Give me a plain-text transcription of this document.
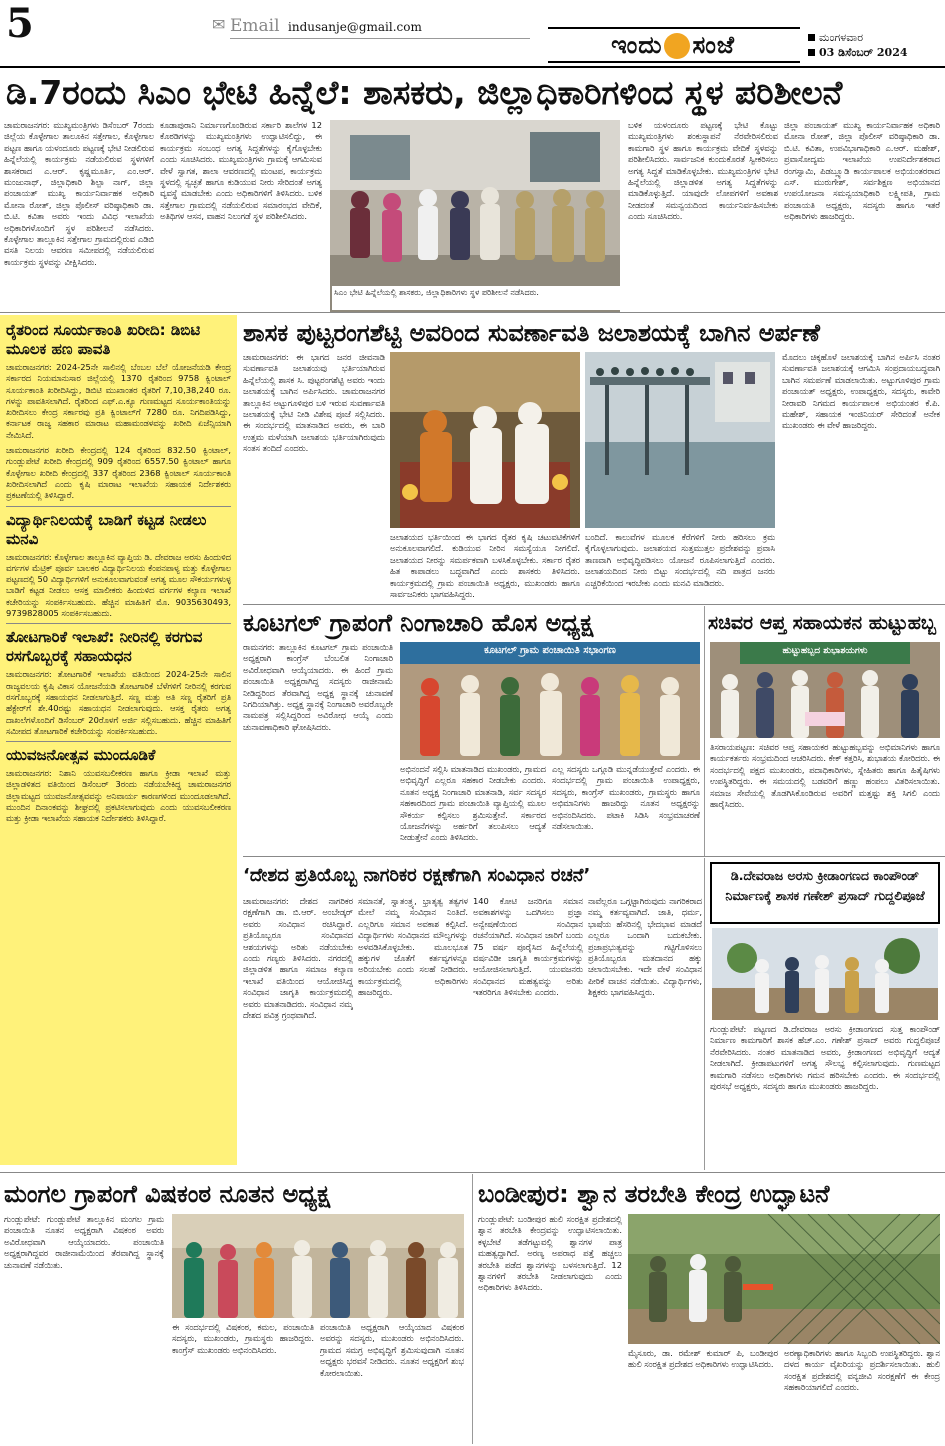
5	✉ Email indusanje@gmail.com
ಇಂದು ಸಂಜೆ	ಮಂಗಳವಾರ
03 ಡಿಸೆಂಬರ್ 2024
ಡಿ.7ರಂದು ಸಿಎಂ ಭೇಟಿ ಹಿನ್ನೆಲೆ: ಶಾಸಕರು, ಜಿಲ್ಲಾಧಿಕಾರಿಗಳಿಂದ ಸ್ಥಳ ಪರಿಶೀಲನೆ
ಚಾಮರಾಜನಗರ: ಮುಖ್ಯಮಂತ್ರಿಗಳು ಡಿಸೆಂಬರ್ 7ರಂದು ಜಿಲ್ಲೆಯ ಕೊಳ್ಳೇಗಾಲ ತಾಲೂಕಿನ ಸತ್ತೇಗಾಲ, ಕೊಳ್ಳೇಗಾಲ ಪಟ್ಟಣ ಹಾಗೂ ಯಳಂದೂರು ಪಟ್ಟಣಕ್ಕೆ ಭೇಟಿ ನೀಡಲಿರುವ ಹಿನ್ನೆಲೆಯಲ್ಲಿ ಕಾರ್ಯಕ್ರಮ ನಡೆಯಲಿರುವ ಸ್ಥಳಗಳಿಗೆ ಶಾಸಕರಾದ ಎ.ಆರ್. ಕೃಷ್ಣಮೂರ್ತಿ, ಎಂ.ಆರ್. ಮಂಜುನಾಥ್, ಜಿಲ್ಲಾಧಿಕಾರಿ ಶಿಲ್ಪಾ ನಾಗ್, ಜಿಲ್ಲಾ ಪಂಚಾಯತ್ ಮುಖ್ಯ ಕಾರ್ಯನಿರ್ವಾಹಕ ಅಧಿಕಾರಿ ಮೋನಾ ರೋತ್, ಜಿಲ್ಲಾ ಪೊಲೀಸ್ ವರಿಷ್ಠಾಧಿಕಾರಿ ಡಾ. ಬಿ.ಟಿ. ಕವಿತಾ ಅವರು ಇಂದು ವಿವಿಧ ಇಲಾಖೆಯ ಅಧಿಕಾರಿಗಳೊಂದಿಗೆ ಸ್ಥಳ ಪರಿಶೀಲನೆ ನಡೆಸಿದರು. ಕೊಳ್ಳೇಗಾಲ ತಾಲ್ಲೂಕಿನ ಸತ್ತೇಗಾಲ ಗ್ರಾಮದಲ್ಲಿರುವ ಎಡಿಬಿ ವಸತಿ ನಿಲಯ ಆವರಣ ಸಮೀಪದಲ್ಲಿ ನಡೆಯಲಿರುವ ಕಾರ್ಯಕ್ರಮ ಸ್ಥಳವನ್ನು ವೀಕ್ಷಿಸಿದರು.
ಕೂಡಾಪುರಾನಿ ನಿರ್ಮಾಣಗೊಂಡಿರುವ ಸರ್ಕಾರಿ ಶಾಲೆಗಳ 12 ಕೊಠಡಿಗಳನ್ನು ಮುಖ್ಯಮಂತ್ರಿಗಳು ಉದ್ಘಾಟಿಸಲಿದ್ದು, ಈ ಕಾರ್ಯಕ್ರಮ ಸಂಬಂಧ ಅಗತ್ಯ ಸಿದ್ದತೆಗಳನ್ನು ಕೈಗೊಳ್ಳಬೇಕು ಎಂದು ಸೂಚಿಸಿದರು. ಮುಖ್ಯಮಂತ್ರಿಗಳು ಗ್ರಾಮಕ್ಕೆ ಆಗಮಿಸುವ ವೇಳೆ ಸ್ವಾಗತ, ಶಾಲಾ ಆವರಣದಲ್ಲಿ ಮಂಟಪ, ಕಾರ್ಯಕ್ರಮ ಸ್ಥಳದಲ್ಲಿ ಸ್ವಚ್ಛತೆ ಹಾಗೂ ಕುಡಿಯುವ ನೀರು ಸೇರಿದಂತೆ ಅಗತ್ಯ ವ್ಯವಸ್ಥೆ ಮಾಡಬೇಕು ಎಂದು ಅಧಿಕಾರಿಗಳಿಗೆ ತಿಳಿಸಿದರು. ಬಳಿಕ ಸತ್ತೇಗಾಲ ಗ್ರಾಮದಲ್ಲಿ ನಡೆಯಲಿರುವ ಸಮಾರಂಭದ ವೇದಿಕೆ, ಅತಿಥಿಗಳ ಆಸನ, ವಾಹನ ನಿಲುಗಡೆ ಸ್ಥಳ ಪರಿಶೀಲಿಸಿದರು.
ಬಳಿಕ ಯಳಂದೂರು ಪಟ್ಟಣಕ್ಕೆ ಭೇಟಿ ಕೊಟ್ಟು ಮುಖ್ಯಮಂತ್ರಿಗಳು ಶಂಕುಸ್ಥಾಪನೆ ನೆರವೇರಿಸಲಿರುವ ಕಾಮಗಾರಿ ಸ್ಥಳ ಹಾಗೂ ಕಾರ್ಯಕ್ರಮ ವೇದಿಕೆ ಸ್ಥಳವನ್ನು ಪರಿಶೀಲಿಸಿದರು. ಸಾರ್ವಜನಿಕ ಕುಂದುಕೊರತೆ ಸ್ವೀಕರಿಸಲು ಅಗತ್ಯ ಸಿದ್ದತೆ ಮಾಡಿಕೊಳ್ಳಬೇಕು. ಮುಖ್ಯಮಂತ್ರಿಗಳ ಭೇಟಿ ಹಿನ್ನೆಲೆಯಲ್ಲಿ ಜಿಲ್ಲಾಡಳಿತ ಅಗತ್ಯ ಸಿದ್ದತೆಗಳನ್ನು ಮಾಡಿಕೊಳ್ಳುತ್ತಿದೆ. ಯಾವುದೇ ಲೋಪಗಳಿಗೆ ಅವಕಾಶ ನೀಡದಂತೆ ಸಮನ್ವಯದಿಂದ ಕಾರ್ಯನಿರ್ವಹಿಸಬೇಕು ಎಂದು ಸೂಚಿಸಿದರು.
ಜಿಲ್ಲಾ ಪಂಚಾಯತ್ ಮುಖ್ಯ ಕಾರ್ಯನಿರ್ವಾಹಕ ಅಧಿಕಾರಿ ಮೋನಾ ರೋತ್, ಜಿಲ್ಲಾ ಪೊಲೀಸ್ ವರಿಷ್ಠಾಧಿಕಾರಿ ಡಾ. ಬಿ.ಟಿ. ಕವಿತಾ, ಉಪವಿಭಾಗಾಧಿಕಾರಿ ಎ.ಆರ್. ಮಹೇಶ್, ಪ್ರವಾಸೋದ್ಯಮ ಇಲಾಖೆಯ ಉಪನಿರ್ದೇಶಕರಾದ ರಂಗಸ್ವಾಮಿ, ಪಿಡಬ್ಲ್ಯೂಡಿ ಕಾರ್ಯಪಾಲಕ ಅಭಿಯಂತರರಾದ ಎಸ್. ಮುರುಗೇಶ್, ಸರ್ವಶಿಕ್ಷಣ ಅಭಿಯಾನದ ಉಪಯೋಜನಾ ಸಮನ್ವಯಾಧಿಕಾರಿ ಲಕ್ಷ್ಮೀಪತಿ, ಗ್ರಾಮ ಪಂಚಾಯತಿ ಅಧ್ಯಕ್ಷರು, ಸದಸ್ಯರು ಹಾಗೂ ಇತರೆ ಅಧಿಕಾರಿಗಳು ಹಾಜರಿದ್ದರು.
ಸಿಎಂ ಭೇಟಿ ಹಿನ್ನೆಲೆಯಲ್ಲಿ ಶಾಸಕರು, ಜಿಲ್ಲಾಧಿಕಾರಿಗಳು ಸ್ಥಳ ಪರಿಶೀಲನೆ ನಡೆಸಿದರು.
ರೈತರಿಂದ ಸೂರ್ಯಕಾಂತಿ ಖರೀದಿ: ಡಿಬಿಟಿ ಮೂಲಕ ಹಣ ಪಾವತಿ
ಚಾಮರಾಜನಗರ: 2024-25ನೇ ಸಾಲಿನಲ್ಲಿ ಬೆಂಬಲ ಬೆಲೆ ಯೋಜನೆಯಡಿ ಕೇಂದ್ರ ಸರ್ಕಾರದ ನಿಯಮಾನುಸಾರ ಜಿಲ್ಲೆಯಲ್ಲಿ 1370 ರೈತರಿಂದ 9758 ಕ್ವಿಂಟಾಲ್ ಸೂರ್ಯಕಾಂತಿ ಖರೀದಿಸಿದ್ದು, ಡಿಬಿಟಿ ಮುಖಾಂತರ ರೈತರಿಗೆ 7,10,38,240 ರೂ. ಗಳನ್ನು ಪಾವತಿಸಲಾಗಿದೆ. ರೈತರಿಂದ ಎಫ್.ಎ.ಕ್ಯೂ ಗುಣಮಟ್ಟದ ಸೂರ್ಯಕಾಂತಿಯನ್ನು ಖರೀದಿಸಲು ಕೇಂದ್ರ ಸರ್ಕಾರವು ಪ್ರತಿ ಕ್ವಿಂಟಾಲ್‌ಗೆ 7280 ರೂ. ನಿಗದಿಪಡಿಸಿದ್ದು, ಕರ್ನಾಟಕ ರಾಜ್ಯ ಸಹಕಾರ ಮಾರಾಟ ಮಹಾಮಂಡಳವನ್ನು ಖರೀದಿ ಏಜೆನ್ಸಿಯಾಗಿ ನೇಮಿಸಿದೆ.
ಚಾಮರಾಜನಗರ ಖರೀದಿ ಕೇಂದ್ರದಲ್ಲಿ 124 ರೈತರಿಂದ 832.50 ಕ್ವಿಂಟಾಲ್, ಗುಂಡ್ಲುಪೇಟೆ ಖರೀದಿ ಕೇಂದ್ರದಲ್ಲಿ 909 ರೈತರಿಂದ 6557.50 ಕ್ವಿಂಟಾಲ್ ಹಾಗೂ ಕೊಳ್ಳೇಗಾಲ ಖರೀದಿ ಕೇಂದ್ರದಲ್ಲಿ 337 ರೈತರಿಂದ 2368 ಕ್ವಿಂಟಾಲ್ ಸೂರ್ಯಕಾಂತಿ ಖರೀದಿಸಲಾಗಿದೆ ಎಂದು ಕೃಷಿ ಮಾರಾಟ ಇಲಾಖೆಯ ಸಹಾಯಕ ನಿರ್ದೇಶಕರು ಪ್ರಕಟಣೆಯಲ್ಲಿ ತಿಳಿಸಿದ್ದಾರೆ.
ವಿದ್ಯಾರ್ಥಿನಿಲಯಕ್ಕೆ ಬಾಡಿಗೆ ಕಟ್ಟಡ ನೀಡಲು ಮನವಿ
ಚಾಮರಾಜನಗರ: ಕೊಳ್ಳೇಗಾಲ ತಾಲ್ಲೂಕಿನ ವ್ಯಾಪ್ತಿಯ ಡಿ. ದೇವರಾಜ ಅರಸು ಹಿಂದುಳಿದ ವರ್ಗಗಳ ಮೆಟ್ರಿಕ್ ಪೂರ್ವ ಬಾಲಕರ ವಿದ್ಯಾರ್ಥಿನಿಲಯ ಕೆಂಪನಪಾಳ್ಯ ಮತ್ತು ಕೊಳ್ಳೇಗಾಲ ಪಟ್ಟಣದಲ್ಲಿ 50 ವಿದ್ಯಾರ್ಥಿಗಳಿಗೆ ಅನುಕೂಲವಾಗುವಂತೆ ಅಗತ್ಯ ಮೂಲ ಸೌಕರ್ಯಗಳುಳ್ಳ ಬಾಡಿಗೆ ಕಟ್ಟಡ ನೀಡಲು ಆಸಕ್ತ ಮಾಲೀಕರು ಹಿಂದುಳಿದ ವರ್ಗಗಳ ಕಲ್ಯಾಣ ಇಲಾಖೆ ಕಚೇರಿಯನ್ನು ಸಂಪರ್ಕಿಸಬಹುದು. ಹೆಚ್ಚಿನ ಮಾಹಿತಿಗೆ ಮೊ. 9035630493, 9739828005 ಸಂಪರ್ಕಿಸಬಹುದು.
ತೋಟಗಾರಿಕೆ ಇಲಾಖೆ: ನೀರಿನಲ್ಲಿ ಕರಗುವ ರಸಗೊಬ್ಬರಕ್ಕೆ ಸಹಾಯಧನ
ಚಾಮರಾಜನಗರ: ತೋಟಗಾರಿಕೆ ಇಲಾಖೆಯ ವತಿಯಿಂದ 2024-25ನೇ ಸಾಲಿನ ರಾಜ್ಯವಲಯ ಕೃಷಿ ವಿಕಾಸ ಯೋಜನೆಯಡಿ ತೋಟಗಾರಿಕೆ ಬೆಳೆಗಳಿಗೆ ನೀರಿನಲ್ಲಿ ಕರಗುವ ರಸಗೊಬ್ಬರಕ್ಕೆ ಸಹಾಯಧನ ನೀಡಲಾಗುತ್ತಿದೆ. ಸಣ್ಣ ಮತ್ತು ಅತಿ ಸಣ್ಣ ರೈತರಿಗೆ ಪ್ರತಿ ಹೆಕ್ಟೇರ್‌ಗೆ ಶೇ.40ರಷ್ಟು ಸಹಾಯಧನ ನೀಡಲಾಗುವುದು. ಆಸಕ್ತ ರೈತರು ಅಗತ್ಯ ದಾಖಲೆಗಳೊಂದಿಗೆ ಡಿಸೆಂಬರ್ 20ರೊಳಗೆ ಅರ್ಜಿ ಸಲ್ಲಿಸಬಹುದು. ಹೆಚ್ಚಿನ ಮಾಹಿತಿಗೆ ಸಮೀಪದ ತೋಟಗಾರಿಕೆ ಕಚೇರಿಯನ್ನು ಸಂಪರ್ಕಿಸಬಹುದು.
ಯುವಜನೋತ್ಸವ ಮುಂದೂಡಿಕೆ
ಚಾಮರಾಜನಗರ: ನಿಶಾನಿ ಯುವಸಬಲೀಕರಣ ಹಾಗೂ ಕ್ರೀಡಾ ಇಲಾಖೆ ಮತ್ತು ಜಿಲ್ಲಾಡಳಿತದ ವತಿಯಿಂದ ಡಿಸೆಂಬರ್ 3ರಂದು ನಡೆಯಬೇಕಿದ್ದ ಚಾಮರಾಜನಗರ ಜಿಲ್ಲಾಮಟ್ಟದ ಯುವಜನೋತ್ಸವವನ್ನು ಅನಿವಾರ್ಯ ಕಾರಣಗಳಿಂದ ಮುಂದೂಡಲಾಗಿದೆ. ಮುಂದಿನ ದಿನಾಂಕವನ್ನು ಶೀಘ್ರದಲ್ಲಿ ಪ್ರಕಟಿಸಲಾಗುವುದು ಎಂದು ಯುವಸಬಲೀಕರಣ ಮತ್ತು ಕ್ರೀಡಾ ಇಲಾಖೆಯ ಸಹಾಯಕ ನಿರ್ದೇಶಕರು ತಿಳಿಸಿದ್ದಾರೆ.
ಶಾಸಕ ಪುಟ್ಟರಂಗಶೆಟ್ಟಿ ಅವರಿಂದ ಸುವರ್ಣಾವತಿ ಜಲಾಶಯಕ್ಕೆ ಬಾಗಿನ ಅರ್ಪಣೆ
ಚಾಮರಾಜನಗರ: ಈ ಭಾಗದ ಜನರ ಜೀವನಾಡಿ ಸುವರ್ಣಾವತಿ ಜಲಾಶಯವು ಭರ್ತಿಯಾಗಿರುವ ಹಿನ್ನೆಲೆಯಲ್ಲಿ ಶಾಸಕ ಸಿ. ಪುಟ್ಟರಂಗಶೆಟ್ಟಿ ಅವರು ಇಂದು ಜಲಾಶಯಕ್ಕೆ ಬಾಗಿನ ಅರ್ಪಿಸಿದರು. ಚಾಮರಾಜನಗರ ತಾಲ್ಲೂಕಿನ ಅಟ್ಟುಗೂಳಿಪುರ ಬಳಿ ಇರುವ ಸುವರ್ಣಾವತಿ ಜಲಾಶಯಕ್ಕೆ ಭೇಟಿ ನೀಡಿ ವಿಶೇಷ ಪೂಜೆ ಸಲ್ಲಿಸಿದರು. ಈ ಸಂದರ್ಭದಲ್ಲಿ ಮಾತನಾಡಿದ ಅವರು, ಈ ಬಾರಿ ಉತ್ತಮ ಮಳೆಯಾಗಿ ಜಲಾಶಯ ಭರ್ತಿಯಾಗಿರುವುದು ಸಂತಸ ತಂದಿದೆ ಎಂದರು.
ಜಲಾಶಯದ ಭರ್ತಿಯಿಂದ ಈ ಭಾಗದ ರೈತರ ಕೃಷಿ ಚಟುವಟಿಕೆಗಳಿಗೆ ಅನುಕೂಲವಾಗಲಿದೆ. ಕುಡಿಯುವ ನೀರಿನ ಸಮಸ್ಯೆಯೂ ನೀಗಲಿದೆ. ಜಲಾಶಯದ ನೀರನ್ನು ಸಮರ್ಪಕವಾಗಿ ಬಳಸಿಕೊಳ್ಳಬೇಕು. ಸರ್ಕಾರ ರೈತರ ಹಿತ ಕಾಪಾಡಲು ಬದ್ಧವಾಗಿದೆ ಎಂದು ಶಾಸಕರು ತಿಳಿಸಿದರು. ಕಾರ್ಯಕ್ರಮದಲ್ಲಿ ಗ್ರಾಮ ಪಂಚಾಯಿತಿ ಅಧ್ಯಕ್ಷರು, ಮುಖಂಡರು ಹಾಗೂ ಸಾರ್ವಜನಿಕರು ಭಾಗವಹಿಸಿದ್ದರು.
ಬಂದಿದೆ. ಕಾಲುವೆಗಳ ಮೂಲಕ ಕೆರೆಗಳಿಗೆ ನೀರು ಹರಿಸಲು ಕ್ರಮ ಕೈಗೊಳ್ಳಲಾಗುವುದು. ಜಲಾಶಯದ ಸುತ್ತಮುತ್ತಲ ಪ್ರದೇಶವನ್ನು ಪ್ರವಾಸಿ ತಾಣವಾಗಿ ಅಭಿವೃದ್ಧಿಪಡಿಸಲು ಯೋಜನೆ ರೂಪಿಸಲಾಗುತ್ತಿದೆ ಎಂದರು. ಜಲಾಶಯದಿಂದ ನೀರು ಬಿಟ್ಟು ಸಂದರ್ಭದಲ್ಲಿ ನದಿ ಪಾತ್ರದ ಜನರು ಎಚ್ಚರಿಕೆಯಿಂದ ಇರಬೇಕು ಎಂದು ಮನವಿ ಮಾಡಿದರು.
ಮೊದಲು ಚಿಕ್ಕಹೊಳೆ ಜಲಾಶಯಕ್ಕೆ ಬಾಗಿನ ಅರ್ಪಿಸಿ ನಂತರ ಸುವರ್ಣಾವತಿ ಜಲಾಶಯಕ್ಕೆ ಆಗಮಿಸಿ ಸಂಪ್ರದಾಯಬದ್ಧವಾಗಿ ಬಾಗಿನ ಸಮರ್ಪಣೆ ಮಾಡಲಾಯಿತು. ಅಟ್ಟುಗೂಳಿಪುರ ಗ್ರಾಮ ಪಂಚಾಯತ್ ಅಧ್ಯಕ್ಷರು, ಉಪಾಧ್ಯಕ್ಷರು, ಸದಸ್ಯರು, ಕಾವೇರಿ ನೀರಾವರಿ ನಿಗಮದ ಕಾರ್ಯಪಾಲಕ ಅಭಿಯಂತರ ಕೆ.ಪಿ. ಮಹೇಶ್, ಸಹಾಯಕ ಇಂಜಿನಿಯರ್ ಸೇರಿದಂತೆ ಅನೇಕ ಮುಖಂಡರು ಈ ವೇಳೆ ಹಾಜರಿದ್ದರು.
ಕೂಟಗಲ್ ಗ್ರಾಪಂಗೆ ನಿಂಗಾಚಾರಿ ಹೊಸ ಅಧ್ಯಕ್ಷ
ರಾಮನಗರ: ತಾಲ್ಲೂಕಿನ ಕೂಟಗಲ್ ಗ್ರಾಮ ಪಂಚಾಯಿತಿ ಅಧ್ಯಕ್ಷರಾಗಿ ಕಾಂಗ್ರೆಸ್ ಬೆಂಬಲಿತ ನಿಂಗಾಚಾರಿ ಅವಿರೋಧವಾಗಿ ಆಯ್ಕೆಯಾದರು. ಈ ಹಿಂದೆ ಗ್ರಾಮ ಪಂಚಾಯಿತಿ ಅಧ್ಯಕ್ಷರಾಗಿದ್ದ ಸದಸ್ಯರು ರಾಜೀನಾಮೆ ನೀಡಿದ್ದರಿಂದ ತೆರವಾಗಿದ್ದ ಅಧ್ಯಕ್ಷ ಸ್ಥಾನಕ್ಕೆ ಚುನಾವಣೆ ನಿಗದಿಯಾಗಿತ್ತು. ಅಧ್ಯಕ್ಷ ಸ್ಥಾನಕ್ಕೆ ನಿಂಗಾಚಾರಿ ಅವರೊಬ್ಬರೇ ನಾಮಪತ್ರ ಸಲ್ಲಿಸಿದ್ದರಿಂದ ಅವಿರೋಧ ಆಯ್ಕೆ ಎಂದು ಚುನಾವಣಾಧಿಕಾರಿ ಘೋಷಿಸಿದರು.
ಕೂಟಗಲ್ ಗ್ರಾಮ ಪಂಚಾಯಿತಿ ಸಭಾಂಗಣ
ಅಭಿನಂದನೆ ಸಲ್ಲಿಸಿ ಮಾತನಾಡಿದ ಮುಖಂಡರು, ಗ್ರಾಮದ ಅಭಿವೃದ್ಧಿಗೆ ಎಲ್ಲರೂ ಸಹಕಾರ ನೀಡಬೇಕು ಎಂದರು. ನೂತನ ಅಧ್ಯಕ್ಷ ನಿಂಗಾಚಾರಿ ಮಾತನಾಡಿ, ಸರ್ವ ಸದಸ್ಯರ ಸಹಕಾರದಿಂದ ಗ್ರಾಮ ಪಂಚಾಯಿತಿ ವ್ಯಾಪ್ತಿಯಲ್ಲಿ ಮೂಲ ಸೌಕರ್ಯ ಕಲ್ಪಿಸಲು ಶ್ರಮಿಸುತ್ತೇನೆ. ಸರ್ಕಾರದ ಯೋಜನೆಗಳನ್ನು ಅರ್ಹರಿಗೆ ತಲುಪಿಸಲು ಆದ್ಯತೆ ನೀಡುತ್ತೇನೆ ಎಂದು ತಿಳಿಸಿದರು.
ಎಲ್ಲ ಸದಸ್ಯರು ಒಗ್ಗೂಡಿ ಮುನ್ನಡೆಯುತ್ತೇವೆ ಎಂದರು. ಈ ಸಂದರ್ಭದಲ್ಲಿ ಗ್ರಾಮ ಪಂಚಾಯಿತಿ ಉಪಾಧ್ಯಕ್ಷರು, ಸದಸ್ಯರು, ಕಾಂಗ್ರೆಸ್ ಮುಖಂಡರು, ಗ್ರಾಮಸ್ಥರು ಹಾಗೂ ಅಭಿಮಾನಿಗಳು ಹಾಜರಿದ್ದು ನೂತನ ಅಧ್ಯಕ್ಷರನ್ನು ಅಭಿನಂದಿಸಿದರು. ಪಟಾಕಿ ಸಿಡಿಸಿ ಸಂಭ್ರಮಾಚರಣೆ ನಡೆಸಲಾಯಿತು.
ಸಚಿವರ ಆಪ್ತ ಸಹಾಯಕನ ಹುಟ್ಟುಹಬ್ಬ
ಹುಟ್ಟುಹಬ್ಬದ ಶುಭಾಶಯಗಳು
ತಿಸರಾಯಪಟ್ಟಣ: ಸಚಿವರ ಆಪ್ತ ಸಹಾಯಕರ ಹುಟ್ಟುಹಬ್ಬವನ್ನು ಅಭಿಮಾನಿಗಳು ಹಾಗೂ ಕಾರ್ಯಕರ್ತರು ಸಂಭ್ರಮದಿಂದ ಆಚರಿಸಿದರು. ಕೇಕ್ ಕತ್ತರಿಸಿ, ಶುಭಾಶಯ ಕೋರಿದರು. ಈ ಸಂದರ್ಭದಲ್ಲಿ ಪಕ್ಷದ ಮುಖಂಡರು, ಪದಾಧಿಕಾರಿಗಳು, ಸ್ನೇಹಿತರು ಹಾಗೂ ಹಿತೈಷಿಗಳು ಉಪಸ್ಥಿತರಿದ್ದರು. ಈ ಸಮಯದಲ್ಲಿ ಬಡವರಿಗೆ ಹಣ್ಣು ಹಂಪಲು ವಿತರಿಸಲಾಯಿತು. ಸಮಾಜ ಸೇವೆಯಲ್ಲಿ ತೊಡಗಿಸಿಕೊಂಡಿರುವ ಅವರಿಗೆ ಮತ್ತಷ್ಟು ಶಕ್ತಿ ಸಿಗಲಿ ಎಂದು ಹಾರೈಸಿದರು.
‘ದೇಶದ ಪ್ರತಿಯೊಬ್ಬ ನಾಗರಿಕರ ರಕ್ಷಣೆಗಾಗಿ ಸಂವಿಧಾನ ರಚನೆ’
ಚಾಮರಾಜನಗರ: ದೇಶದ ನಾಗರಿಕರ ರಕ್ಷಣೆಗಾಗಿ ಡಾ. ಬಿ.ಆರ್. ಅಂಬೇಡ್ಕರ್ ಅವರು ಸಂವಿಧಾನ ರಚಿಸಿದ್ದಾರೆ. ಪ್ರತಿಯೊಬ್ಬರೂ ಸಂವಿಧಾನದ ಆಶಯಗಳನ್ನು ಅರಿತು ನಡೆಯಬೇಕು ಎಂದು ಗಣ್ಯರು ತಿಳಿಸಿದರು. ನಗರದಲ್ಲಿ ಜಿಲ್ಲಾಡಳಿತ ಹಾಗೂ ಸಮಾಜ ಕಲ್ಯಾಣ ಇಲಾಖೆ ವತಿಯಿಂದ ಆಯೋಜಿಸಿದ್ದ ಸಂವಿಧಾನ ಜಾಗೃತಿ ಕಾರ್ಯಕ್ರಮದಲ್ಲಿ ಅವರು ಮಾತನಾಡಿದರು. ಸಂವಿಧಾನ ನಮ್ಮ ದೇಶದ ಪವಿತ್ರ ಗ್ರಂಥವಾಗಿದೆ.
ಸಮಾನತೆ, ಸ್ವಾತಂತ್ರ್ಯ, ಭ್ರಾತೃತ್ವ ತತ್ವಗಳ ಮೇಲೆ ನಮ್ಮ ಸಂವಿಧಾನ ನಿಂತಿದೆ. ಎಲ್ಲರಿಗೂ ಸಮಾನ ಅವಕಾಶ ಕಲ್ಪಿಸಿದೆ. ವಿದ್ಯಾರ್ಥಿಗಳು ಸಂವಿಧಾನದ ಮೌಲ್ಯಗಳನ್ನು ಅಳವಡಿಸಿಕೊಳ್ಳಬೇಕು. ಮೂಲಭೂತ ಹಕ್ಕುಗಳ ಜೊತೆಗೆ ಕರ್ತವ್ಯಗಳನ್ನೂ ಅರಿಯಬೇಕು ಎಂದು ಸಲಹೆ ನೀಡಿದರು. ಕಾರ್ಯಕ್ರಮದಲ್ಲಿ ಅಧಿಕಾರಿಗಳು ಹಾಜರಿದ್ದರು.
140 ಕೋಟಿ ಜನರಿಗೂ ಸಮಾನ ಅವಕಾಶಗಳನ್ನು ಒದಗಿಸಲು ಪ್ರಜ್ಞಾ ಅನ್ವೇಷಣೆಯಿಂದ ಸಂವಿಧಾನ ರಚನೆಯಾಗಿದೆ. ಸಂವಿಧಾನ ಜಾರಿಗೆ ಬಂದು 75 ವರ್ಷ ಪೂರೈಸಿದ ಹಿನ್ನೆಲೆಯಲ್ಲಿ ವರ್ಷವಿಡೀ ಜಾಗೃತಿ ಕಾರ್ಯಕ್ರಮಗಳನ್ನು ಆಯೋಜಿಸಲಾಗುತ್ತಿದೆ. ಯುವಜನರು ಸಂವಿಧಾನದ ಮಹತ್ವವನ್ನು ಅರಿತು ಇತರರಿಗೂ ತಿಳಿಸಬೇಕು ಎಂದರು.
ನಾವೆಲ್ಲರೂ ಒಗ್ಗಟ್ಟಾಗಿರುವುದು ನಾಗರಿಕರಾದ ನಮ್ಮ ಕರ್ತವ್ಯವಾಗಿದೆ. ಜಾತಿ, ಧರ್ಮ, ಭಾಷೆಯ ಹೆಸರಿನಲ್ಲಿ ಭೇದಭಾವ ಮಾಡದೆ ಎಲ್ಲರೂ ಒಂದಾಗಿ ಬದುಕಬೇಕು. ಪ್ರಜಾಪ್ರಭುತ್ವವನ್ನು ಗಟ್ಟಿಗೊಳಿಸಲು ಪ್ರತಿಯೊಬ್ಬರೂ ಮತದಾನದ ಹಕ್ಕು ಚಲಾಯಿಸಬೇಕು. ಇದೇ ವೇಳೆ ಸಂವಿಧಾನ ಪೀಠಿಕೆ ವಾಚನ ನಡೆಯಿತು. ವಿದ್ಯಾರ್ಥಿಗಳು, ಶಿಕ್ಷಕರು ಭಾಗವಹಿಸಿದ್ದರು.
ಡಿ.ದೇವರಾಜ ಅರಸು ಕ್ರೀಡಾಂಗಣದ ಕಾಂಪೌಂಡ್ ನಿರ್ಮಾಣಕ್ಕೆ ಶಾಸಕ ಗಣೇಶ್ ಪ್ರಸಾದ್ ಗುದ್ದಲಿಪೂಜೆ
ಗುಂಡ್ಲುಪೇಟೆ: ಪಟ್ಟಣದ ಡಿ.ದೇವರಾಜ ಅರಸು ಕ್ರೀಡಾಂಗಣದ ಸುತ್ತ ಕಾಂಪೌಂಡ್ ನಿರ್ಮಾಣ ಕಾಮಗಾರಿಗೆ ಶಾಸಕ ಹೆಚ್.ಎಂ. ಗಣೇಶ್ ಪ್ರಸಾದ್ ಅವರು ಗುದ್ದಲಿಪೂಜೆ ನೆರವೇರಿಸಿದರು. ನಂತರ ಮಾತನಾಡಿದ ಅವರು, ಕ್ರೀಡಾಂಗಣದ ಅಭಿವೃದ್ಧಿಗೆ ಆದ್ಯತೆ ನೀಡಲಾಗಿದೆ. ಕ್ರೀಡಾಪಟುಗಳಿಗೆ ಅಗತ್ಯ ಸೌಲಭ್ಯ ಕಲ್ಪಿಸಲಾಗುವುದು. ಗುಣಮಟ್ಟದ ಕಾಮಗಾರಿ ನಡೆಸಲು ಅಧಿಕಾರಿಗಳು ಗಮನ ಹರಿಸಬೇಕು ಎಂದರು. ಈ ಸಂದರ್ಭದಲ್ಲಿ ಪುರಸಭೆ ಅಧ್ಯಕ್ಷರು, ಸದಸ್ಯರು ಹಾಗೂ ಮುಖಂಡರು ಹಾಜರಿದ್ದರು.
ಮಂಗಲ ಗ್ರಾಪಂಗೆ ವಿಷಕಂಠ ನೂತನ ಅಧ್ಯಕ್ಷ
ಗುಂಡ್ಲುಪೇಟೆ: ಗುಂಡ್ಲುಪೇಟೆ ತಾಲ್ಲೂಕಿನ ಮಂಗಲ ಗ್ರಾಮ ಪಂಚಾಯಿತಿ ನೂತನ ಅಧ್ಯಕ್ಷರಾಗಿ ವಿಷಕಂಠ ಅವರು ಅವಿರೋಧವಾಗಿ ಆಯ್ಕೆಯಾದರು. ಪಂಚಾಯಿತಿ ಅಧ್ಯಕ್ಷರಾಗಿದ್ದವರ ರಾಜೀನಾಮೆಯಿಂದ ತೆರವಾಗಿದ್ದ ಸ್ಥಾನಕ್ಕೆ ಚುನಾವಣೆ ನಡೆಯಿತು.
ಈ ಸಂದರ್ಭದಲ್ಲಿ ವಿಷಕಂಠ, ಕಮಲ, ಪಂಚಾಯಿತಿ ಸದಸ್ಯರು, ಮುಖಂಡರು, ಗ್ರಾಮಸ್ಥರು ಹಾಜರಿದ್ದರು. ಕಾಂಗ್ರೆಸ್ ಮುಖಂಡರು ಅಭಿನಂದಿಸಿದರು.
ಪಂಚಾಯಿತಿ ಅಧ್ಯಕ್ಷರಾಗಿ ಆಯ್ಕೆಯಾದ ವಿಷಕಂಠ ಅವರನ್ನು ಸದಸ್ಯರು, ಮುಖಂಡರು ಅಭಿನಂದಿಸಿದರು. ಗ್ರಾಮದ ಸಮಗ್ರ ಅಭಿವೃದ್ಧಿಗೆ ಶ್ರಮಿಸುವುದಾಗಿ ನೂತನ ಅಧ್ಯಕ್ಷರು ಭರವಸೆ ನೀಡಿದರು. ನೂತನ ಅಧ್ಯಕ್ಷರಿಗೆ ಶುಭ ಕೋರಲಾಯಿತು.
ಬಂಡೀಪುರ: ಶ್ವಾನ ತರಬೇತಿ ಕೇಂದ್ರ ಉದ್ಘಾಟನೆ
ಗುಂಡ್ಲುಪೇಟೆ: ಬಂಡೀಪುರ ಹುಲಿ ಸಂರಕ್ಷಿತ ಪ್ರದೇಶದಲ್ಲಿ ಶ್ವಾನ ತರಬೇತಿ ಕೇಂದ್ರವನ್ನು ಉದ್ಘಾಟಿಸಲಾಯಿತು. ಕಳ್ಳಬೇಟೆ ತಡೆಗಟ್ಟುವಲ್ಲಿ ಶ್ವಾನಗಳ ಪಾತ್ರ ಮಹತ್ವದ್ದಾಗಿದೆ. ಅರಣ್ಯ ಅಪರಾಧ ಪತ್ತೆ ಹಚ್ಚಲು ತರಬೇತಿ ಪಡೆದ ಶ್ವಾನಗಳನ್ನು ಬಳಸಲಾಗುತ್ತಿದೆ. 12 ಶ್ವಾನಗಳಿಗೆ ತರಬೇತಿ ನೀಡಲಾಗುವುದು ಎಂದು ಅಧಿಕಾರಿಗಳು ತಿಳಿಸಿದರು.
ಮೈಸೂರು, ಡಾ. ರಮೇಶ್ ಕುಮಾರ್ ಪಿ, ಬಂಡೀಪುರ ಹುಲಿ ಸಂರಕ್ಷಿತ ಪ್ರದೇಶದ ಅಧಿಕಾರಿಗಳು ಉದ್ಘಾಟಿಸಿದರು.
ಅರಣ್ಯಾಧಿಕಾರಿಗಳು ಹಾಗೂ ಸಿಬ್ಬಂದಿ ಉಪಸ್ಥಿತರಿದ್ದರು. ಶ್ವಾನ ದಳದ ಕಾರ್ಯ ವೈಖರಿಯನ್ನು ಪ್ರದರ್ಶಿಸಲಾಯಿತು. ಹುಲಿ ಸಂರಕ್ಷಿತ ಪ್ರದೇಶದಲ್ಲಿ ವನ್ಯಜೀವಿ ಸಂರಕ್ಷಣೆಗೆ ಈ ಕೇಂದ್ರ ಸಹಕಾರಿಯಾಗಲಿದೆ ಎಂದರು.
